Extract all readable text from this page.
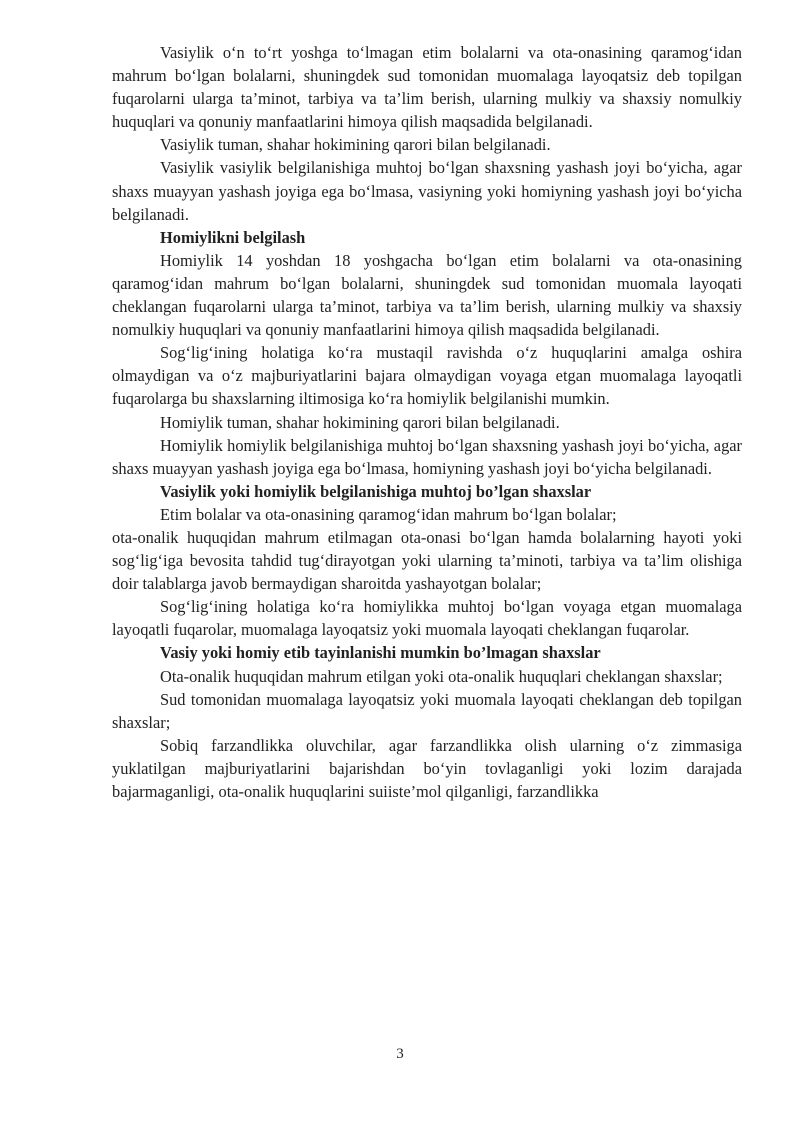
Vasiylik o‘n to‘rt yoshga to‘lmagan etim bolalarni va ota-onasining qaramog‘idan mahrum bo‘lgan bolalarni, shuningdek sud tomonidan muomalaga layoqatsiz deb topilgan fuqarolarni ularga ta’minot, tarbiya va ta’lim berish, ularning mulkiy va shaxsiy nomulkiy huquqlari va qonuniy manfaatlarini himoya qilish maqsadida belgilanadi.

Vasiylik tuman, shahar hokimining qarori bilan belgilanadi.

Vasiylik vasiylik belgilanishiga muhtoj bo‘lgan shaxsning yashash joyi bo‘yicha, agar shaxs muayyan yashash joyiga ega bo‘lmasa, vasiyning yoki homiyning yashash joyi bo‘yicha belgilanadi.

Homiylikni belgilash

Homiylik 14 yoshdan 18 yoshgacha bo‘lgan etim bolalarni va ota-onasining qaramog‘idan mahrum bo‘lgan bolalarni, shuningdek sud tomonidan muomala layoqati cheklangan fuqarolarni ularga ta’minot, tarbiya va ta’lim berish, ularning mulkiy va shaxsiy nomulkiy huquqlari va qonuniy manfaatlarini himoya qilish maqsadida belgilanadi.

Sog‘lig‘ining holatiga ko‘ra mustaqil ravishda o‘z huquqlarini amalga oshira olmaydigan va o‘z majburiyatlarini bajara olmaydigan voyaga etgan muomalaga layoqatli fuqarolarga bu shaxslarning iltimosiga ko‘ra homiylik belgilanishi mumkin.

Homiylik tuman, shahar hokimining qarori bilan belgilanadi.

Homiylik homiylik belgilanishiga muhtoj bo‘lgan shaxsning yashash joyi bo‘yicha, agar shaxs muayyan yashash joyiga ega bo‘lmasa, homiyning yashash joyi bo‘yicha belgilanadi.

Vasiylik yoki homiylik belgilanishiga muhtoj bo’lgan shaxslar

Etim bolalar va ota-onasining qaramog‘idan mahrum bo‘lgan bolalar;

ota-onalik huquqidan mahrum etilmagan ota-onasi bo‘lgan hamda bolalarning hayoti yoki sog‘lig‘iga bevosita tahdid tug‘dirayotgan yoki ularning ta’minoti, tarbiya va ta’lim olishiga doir talablarga javob bermaydigan sharoitda yashayotgan bolalar;

Sog‘lig‘ining holatiga ko‘ra homiylikka muhtoj bo‘lgan voyaga etgan muomalaga layoqatli fuqarolar, muomalaga layoqatsiz yoki muomala layoqati cheklangan fuqarolar.

Vasiy yoki homiy etib tayinlanishi mumkin bo’lmagan shaxslar

Ota-onalik huquqidan mahrum etilgan yoki ota-onalik huquqlari cheklangan shaxslar;

Sud tomonidan muomalaga layoqatsiz yoki muomala layoqati cheklangan deb topilgan shaxslar;

Sobiq farzandlikka oluvchilar, agar farzandlikka olish ularning o‘z zimmasiga yuklatilgan majburiyatlarini bajarishdan bo‘yin tovlaganligi yoki lozim darajada bajarmaganligi, ota-onalik huquqlarini suiiste’mol qilganligi, farzandlikka

3
